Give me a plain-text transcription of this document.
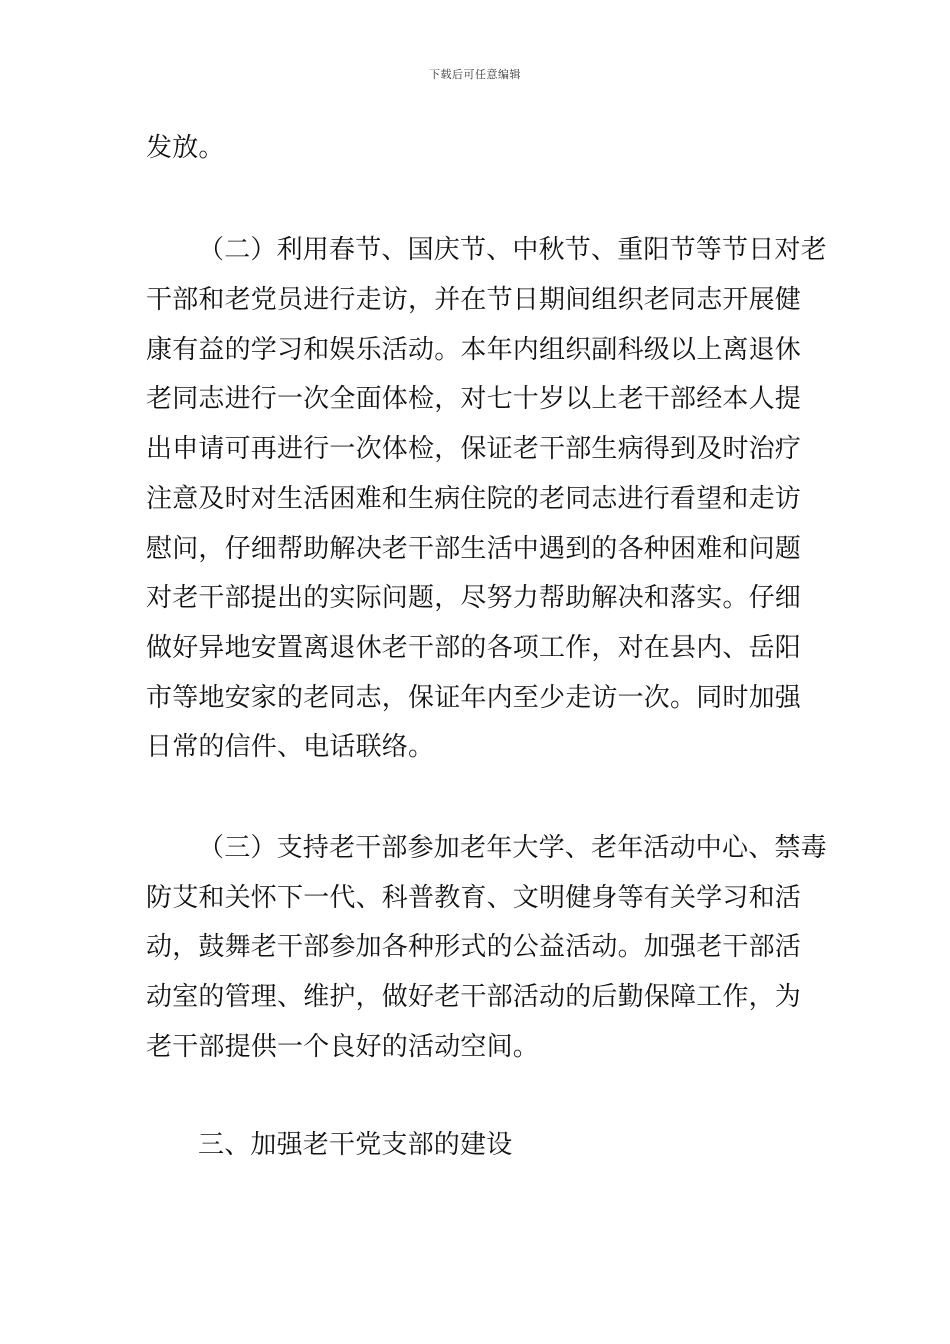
下载后可任意编辑
发放。
（二）利用春节、国庆节、中秋节、重阳节等节日对老
干部和老党员进行走访，并在节日期间组织老同志开展健
康有益的学习和娱乐活动。本年内组织副科级以上离退休
老同志进行一次全面体检，对七十岁以上老干部经本人提
出申请可再进行一次体检，保证老干部生病得到及时治疗
注意及时对生活困难和生病住院的老同志进行看望和走访
慰问，仔细帮助解决老干部生活中遇到的各种困难和问题
对老干部提出的实际问题，尽努力帮助解决和落实。仔细
做好异地安置离退休老干部的各项工作，对在县内、岳阳
市等地安家的老同志，保证年内至少走访一次。同时加强
日常的信件、电话联络。
（三）支持老干部参加老年大学、老年活动中心、禁毒
防艾和关怀下一代、科普教育、文明健身等有关学习和活
动，鼓舞老干部参加各种形式的公益活动。加强老干部活
动室的管理、维护，做好老干部活动的后勤保障工作，为
老干部提供一个良好的活动空间。
三、加强老干党支部的建设
